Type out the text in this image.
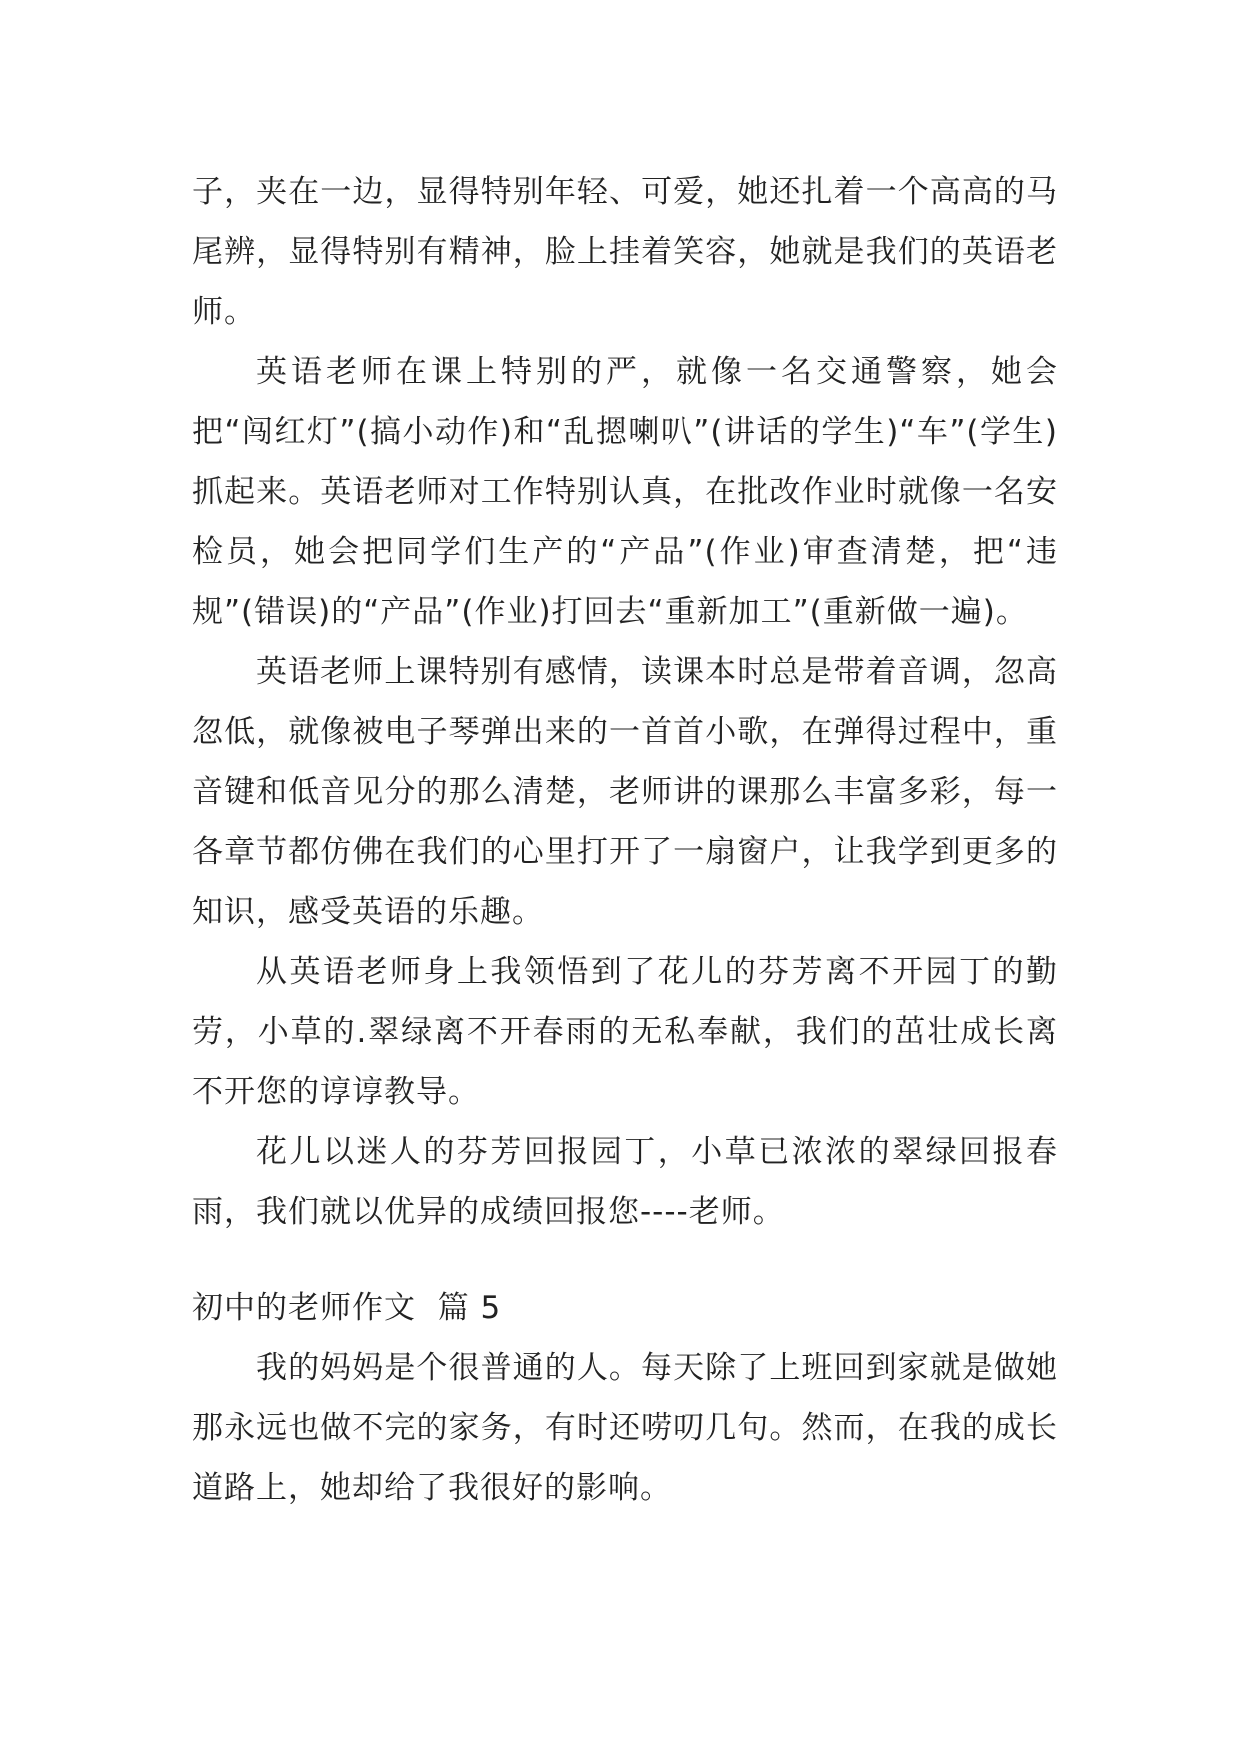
子，夹在一边，显得特别年轻、可爱，她还扎着一个高高的马尾辨，显得特别有精神，脸上挂着笑容，她就是我们的英语老师。

英语老师在课上特别的严，就像一名交通警察，她会把“闯红灯”(搞小动作)和“乱摁喇叭”(讲话的学生)“车”(学生)抓起来。英语老师对工作特别认真，在批改作业时就像一名安检员，她会把同学们生产的“产品”(作业)审查清楚，把“违规”(错误)的“产品”(作业)打回去“重新加工”(重新做一遍)。

英语老师上课特别有感情，读课本时总是带着音调，忽高忽低，就像被电子琴弹出来的一首首小歌，在弹得过程中，重音键和低音见分的那么清楚，老师讲的课那么丰富多彩，每一各章节都仿佛在我们的心里打开了一扇窗户，让我学到更多的知识，感受英语的乐趣。

从英语老师身上我领悟到了花儿的芬芳离不开园丁的勤劳，小草的.翠绿离不开春雨的无私奉献，我们的茁壮成长离不开您的谆谆教导。

花儿以迷人的芬芳回报园丁，小草已浓浓的翠绿回报春雨，我们就以优异的成绩回报您----老师。

初中的老师作文  篇 5

我的妈妈是个很普通的人。每天除了上班回到家就是做她那永远也做不完的家务，有时还唠叨几句。然而，在我的成长道路上，她却给了我很好的影响。
